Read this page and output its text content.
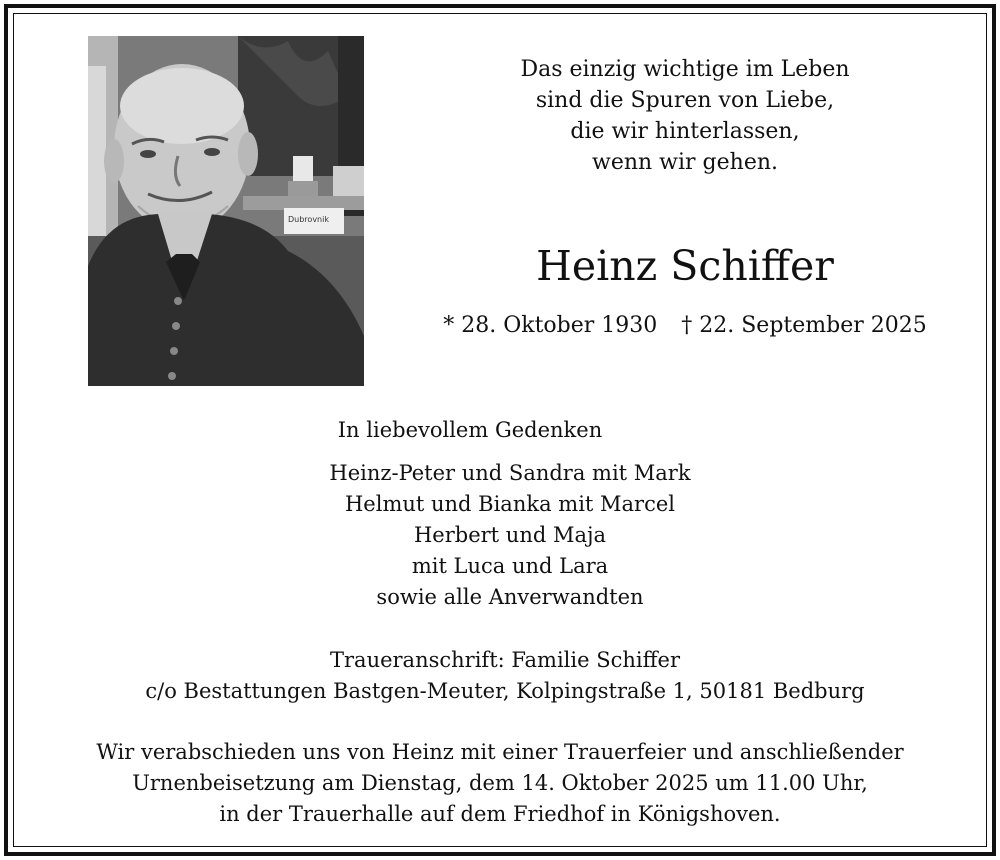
Dubrovnik
Das einzig wichtige im Leben
sind die Spuren von Liebe,
die wir hinterlassen,
wenn wir gehen.
Heinz Schiffer
* 28. Oktober 1930 † 22. September 2025
In liebevollem Gedenken
Heinz-Peter und Sandra mit Mark
Helmut und Bianka mit Marcel
Herbert und Maja
mit Luca und Lara
sowie alle Anverwandten
Traueranschrift: Familie Schiffer
c/o Bestattungen Bastgen-Meuter, Kolpingstraße 1, 50181 Bedburg
Wir verabschieden uns von Heinz mit einer Trauerfeier und anschließender
Urnenbeisetzung am Dienstag, dem 14. Oktober 2025 um 11.00 Uhr,
in der Trauerhalle auf dem Friedhof in Königshoven.
